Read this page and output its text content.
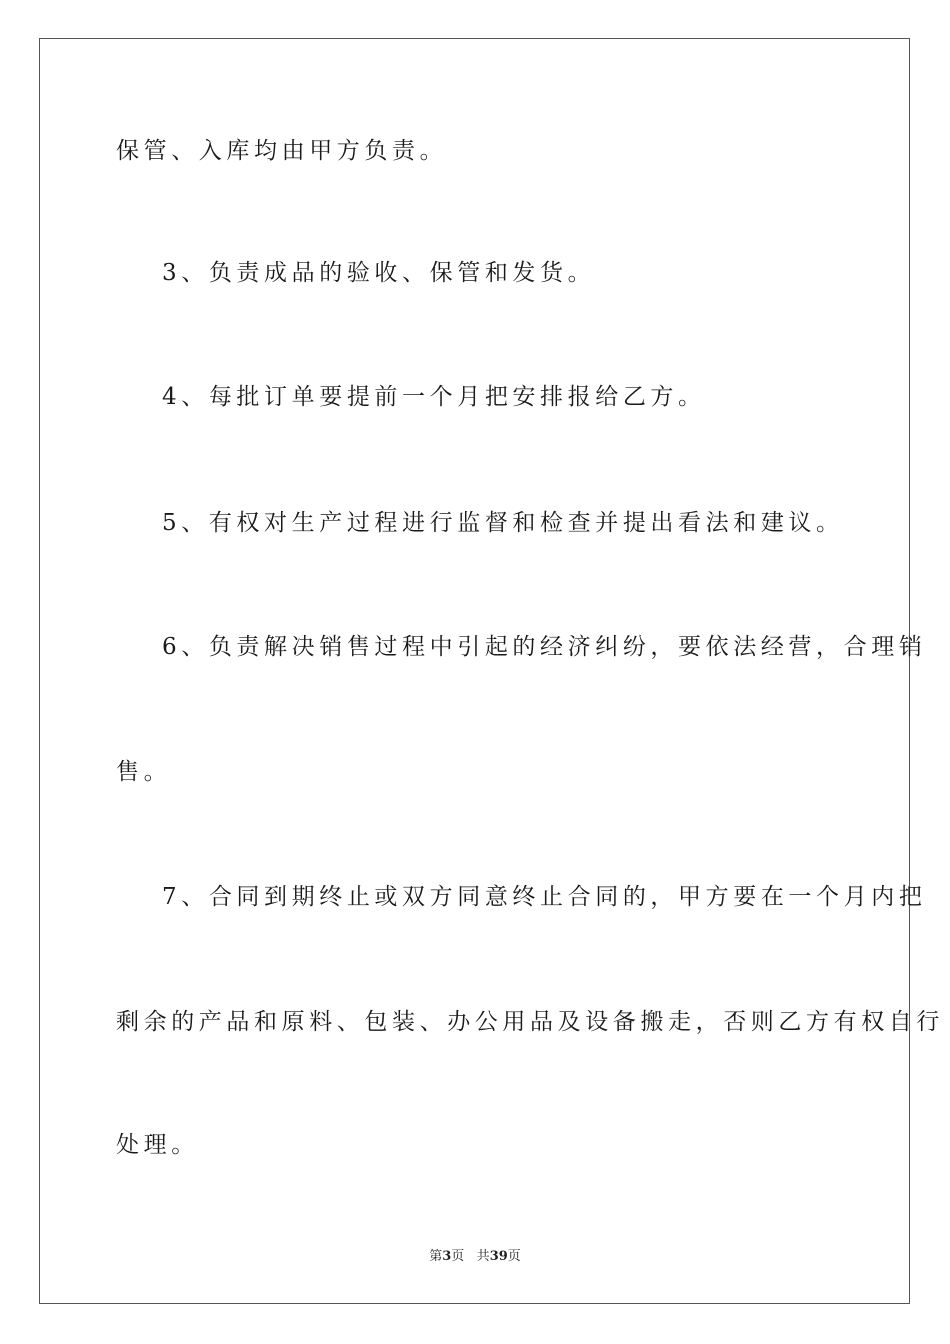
保管、入库均由甲方负责。
3、负责成品的验收、保管和发货。
4、每批订单要提前一个月把安排报给乙方。
5、有权对生产过程进行监督和检查并提出看法和建议。
6、负责解决销售过程中引起的经济纠纷，要依法经营，合理销
售。
7、合同到期终止或双方同意终止合同的，甲方要在一个月内把
剩余的产品和原料、包装、办公用品及设备搬走，否则乙方有权自行
处理。
第3页 共39页
